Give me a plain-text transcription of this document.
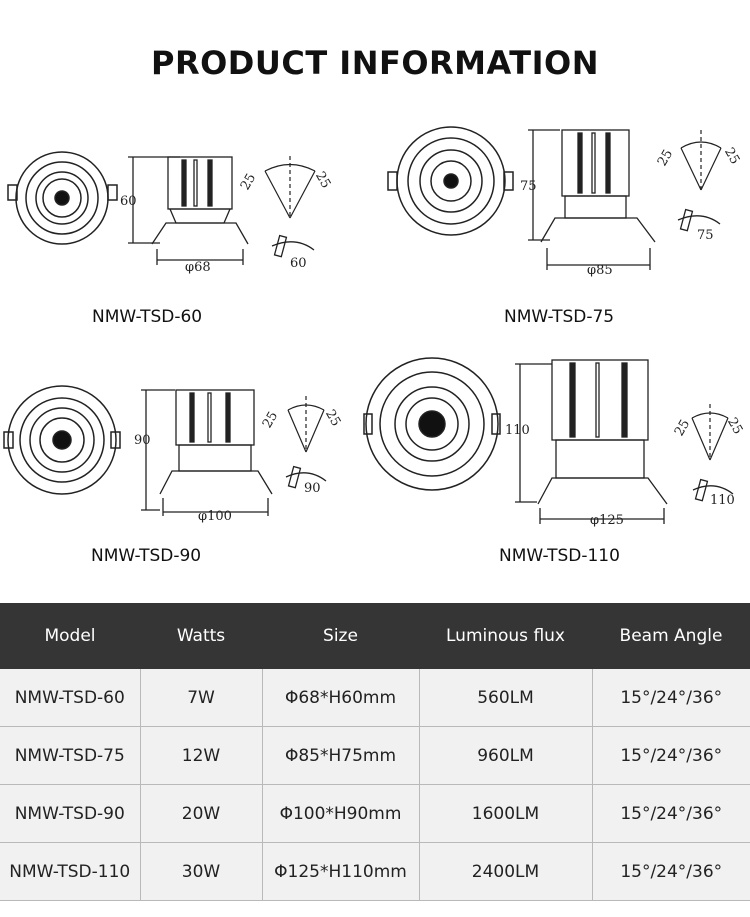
PRODUCT INFORMATION
60
φ68
25	25
60
NMW-TSD-60
75
φ85
25	25
75
NMW-TSD-75
90
φ100
25	25
90
NMW-TSD-90
110
φ125
25 25
110
NMW-TSD-110
Model	Watts	Size	Luminous flux	Beam Angle
NMW-TSD-60	7W	Φ68*H60mm	560LM	15°/24°/36°
NMW-TSD-75	12W	Φ85*H75mm	960LM	15°/24°/36°
NMW-TSD-90	20W	Φ100*H90mm	1600LM	15°/24°/36°
NMW-TSD-110	30W	Φ125*H110mm	2400LM	15°/24°/36°
